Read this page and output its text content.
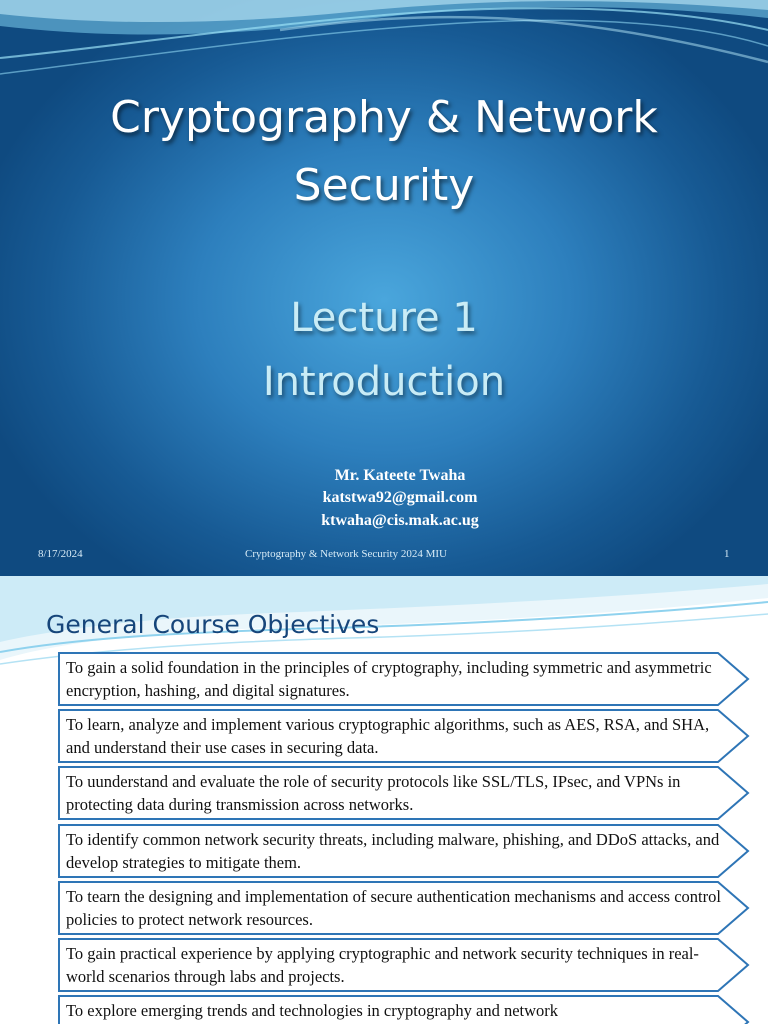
Cryptography & Network
Security
Lecture 1
Introduction
Mr. Kateete Twaha
katstwa92@gmail.com
ktwaha@cis.mak.ac.ug
8/17/2024	Cryptography & Network Security 2024 MIU	1
General Course Objectives
To gain a solid foundation in the principles of cryptography, including symmetric and asymmetric encryption, hashing, and digital signatures.
To learn, analyze and implement various cryptographic algorithms, such as AES, RSA, and SHA, and understand their use cases in securing data.
To uunderstand and evaluate the role of security protocols like SSL/TLS, IPsec, and VPNs in protecting data during transmission across networks.
To identify common network security threats, including malware, phishing, and DDoS attacks, and develop strategies to mitigate them.
To tearn the designing and implementation of secure authentication mechanisms and access control policies to protect network resources.
To gain practical experience by applying cryptographic and network security techniques in real-world scenarios through labs and projects.
To explore emerging trends and technologies in cryptography and network
